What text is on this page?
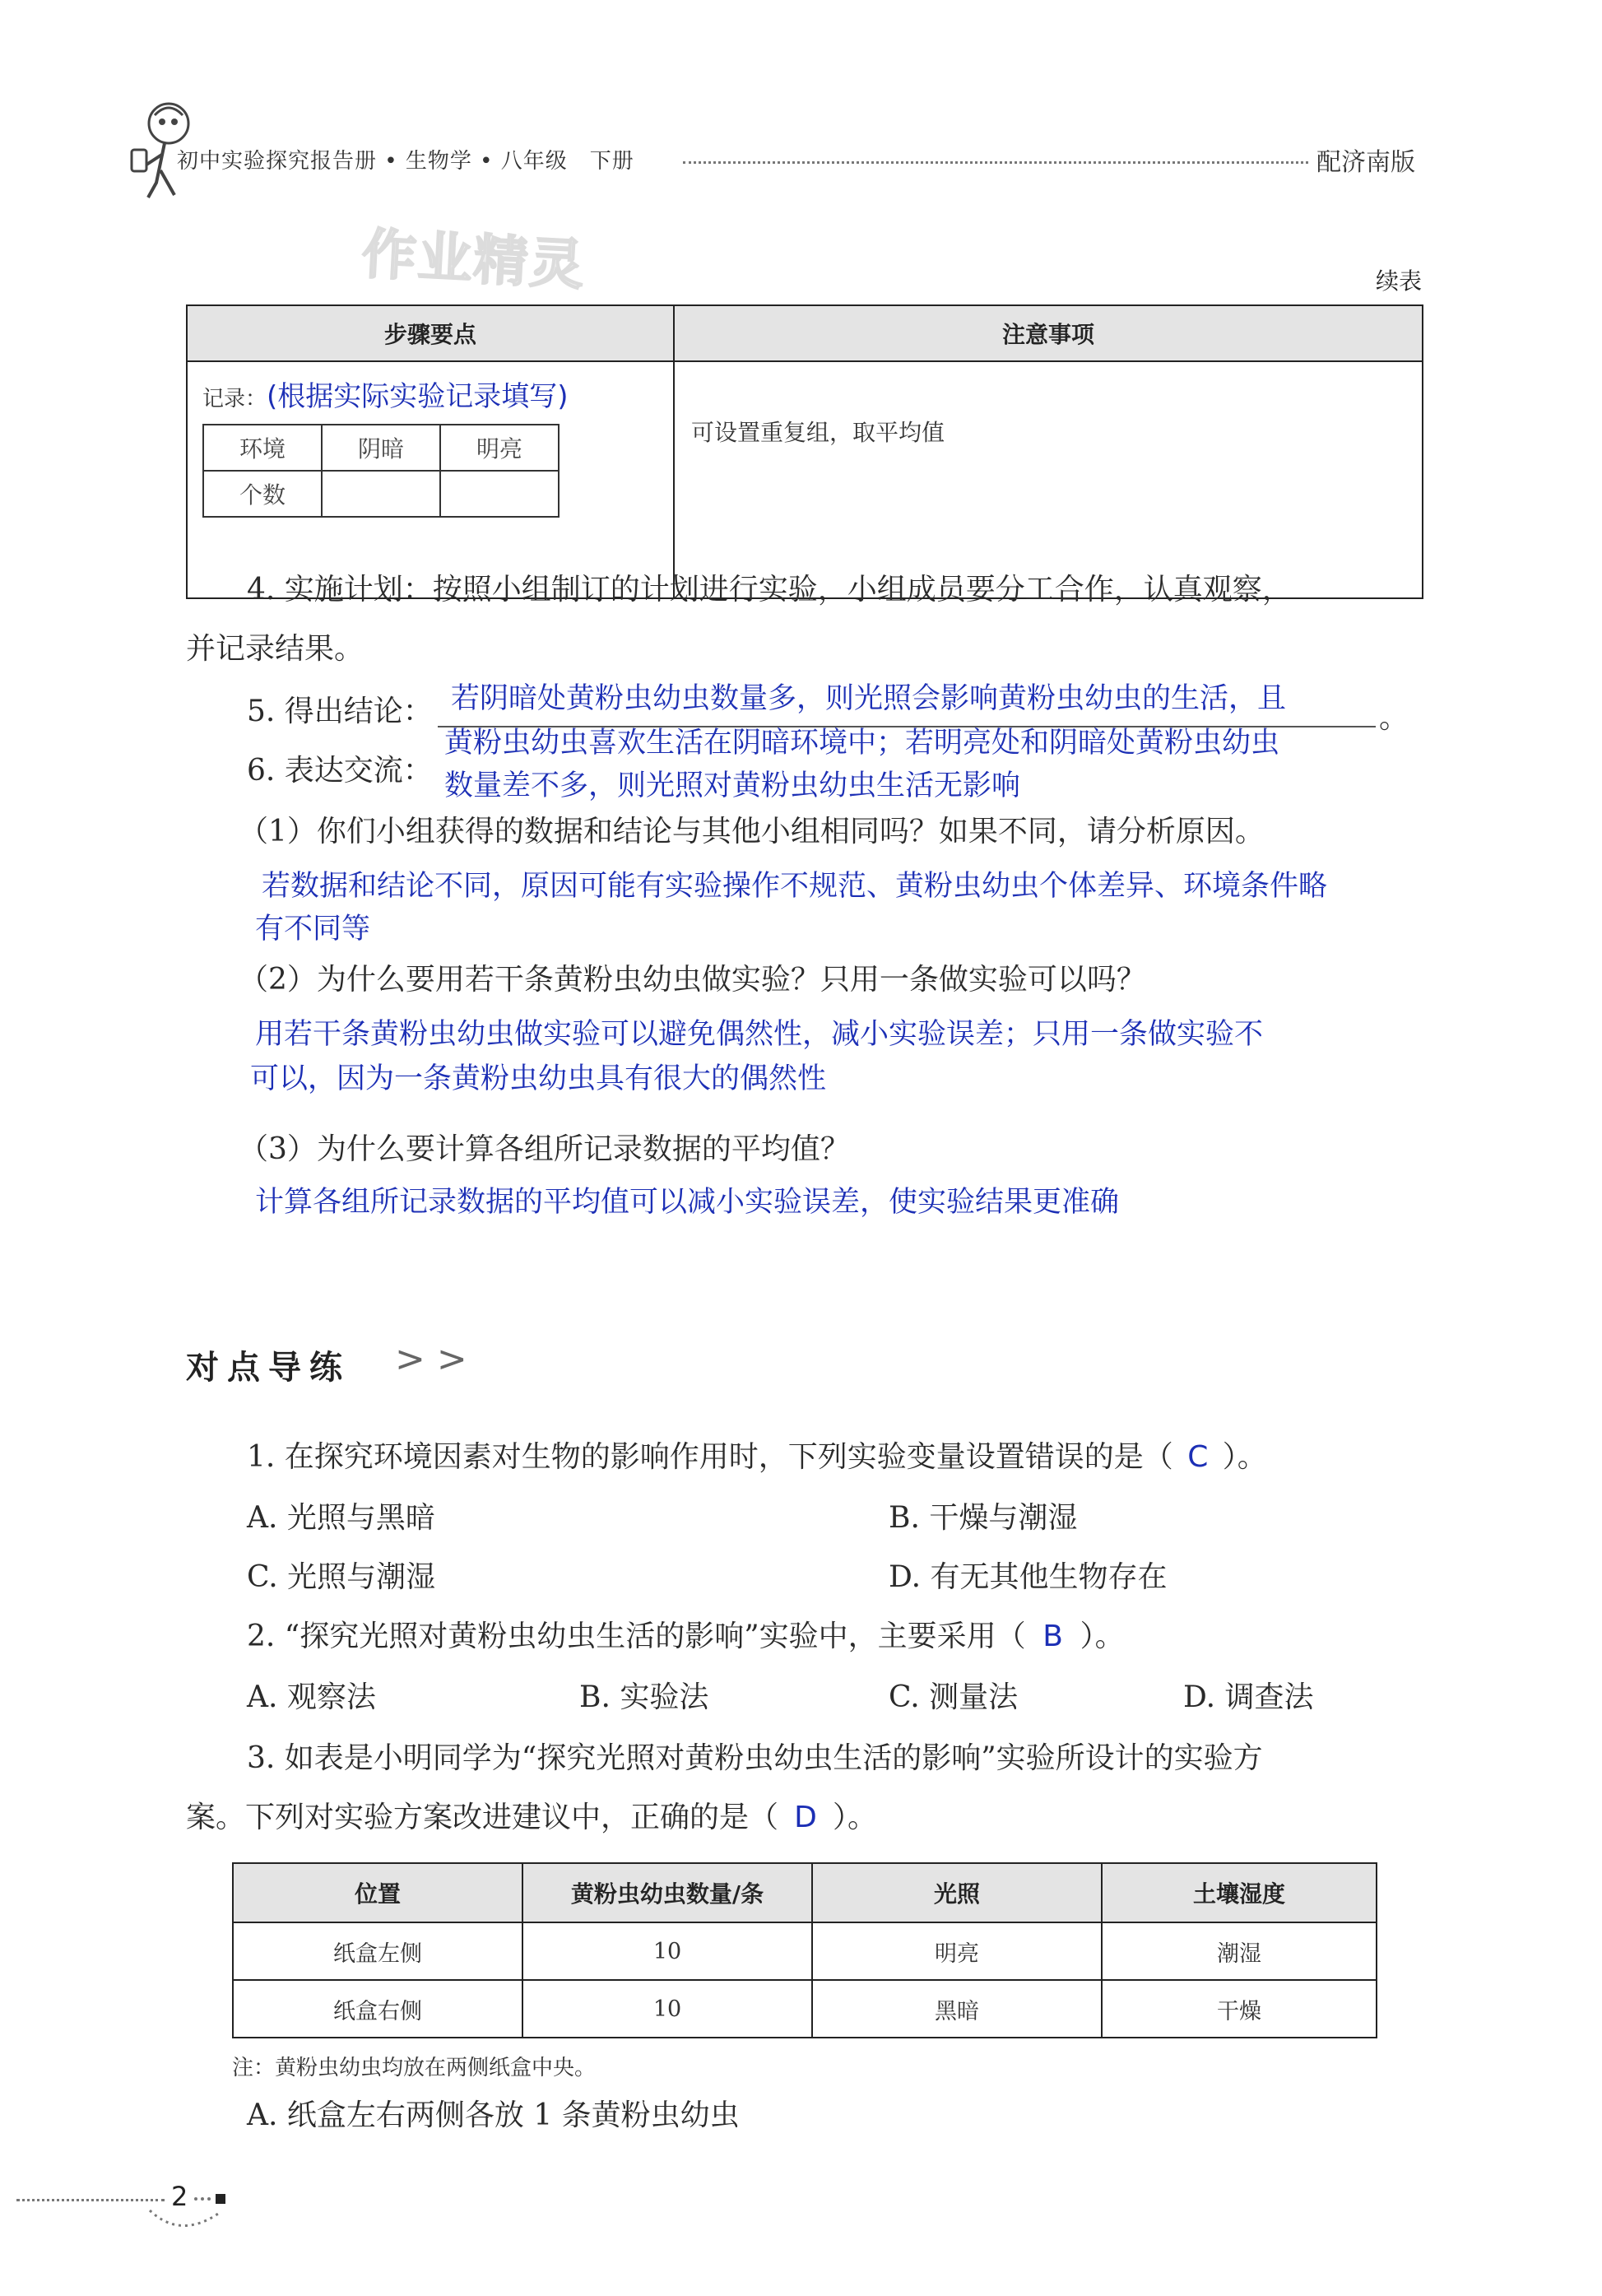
初中实验探究报告册 • 生物学 • 八年级　下册	配济南版
作业精灵	续表
步骤要点	注意事项
记录：(根据实际实验记录填写)
环境	阴暗	明亮
个数		
	可设置重复组，取平均值
4. 实施计划：按照小组制订的计划进行实验，小组成员要分工合作，认真观察，
并记录结果。
5. 得出结论： 若阴暗处黄粉虫幼虫数量多，则光照会影响黄粉虫幼虫的生活，且
。
黄粉虫幼虫喜欢生活在阴暗环境中；若明亮处和阴暗处黄粉虫幼虫
6. 表达交流： 数量差不多，则光照对黄粉虫幼虫生活无影响
（1）你们小组获得的数据和结论与其他小组相同吗？如果不同，请分析原因。
若数据和结论不同，原因可能有实验操作不规范、黄粉虫幼虫个体差异、环境条件略
有不同等
（2）为什么要用若干条黄粉虫幼虫做实验？只用一条做实验可以吗？
用若干条黄粉虫幼虫做实验可以避免偶然性，减小实验误差；只用一条做实验不
可以，因为一条黄粉虫幼虫具有很大的偶然性
（3）为什么要计算各组所记录数据的平均值？
计算各组所记录数据的平均值可以减小实验误差，使实验结果更准确
对点导练 > >
1. 在探究环境因素对生物的影响作用时，下列实验变量设置错误的是（ C ）。
A. 光照与黑暗	B. 干燥与潮湿
C. 光照与潮湿	D. 有无其他生物存在
2. “探究光照对黄粉虫幼虫生活的影响”实验中，主要采用（ B ）。
A. 观察法	B. 实验法	C. 测量法	D. 调查法
3. 如表是小明同学为“探究光照对黄粉虫幼虫生活的影响”实验所设计的实验方
案。下列对实验方案改进建议中，正确的是（ D ）。
位置	黄粉虫幼虫数量/条	光照	土壤湿度
纸盒左侧	10	明亮	潮湿
纸盒右侧	10	黑暗	干燥
注：黄粉虫幼虫均放在两侧纸盒中央。
A. 纸盒左右两侧各放 1 条黄粉虫幼虫
2
